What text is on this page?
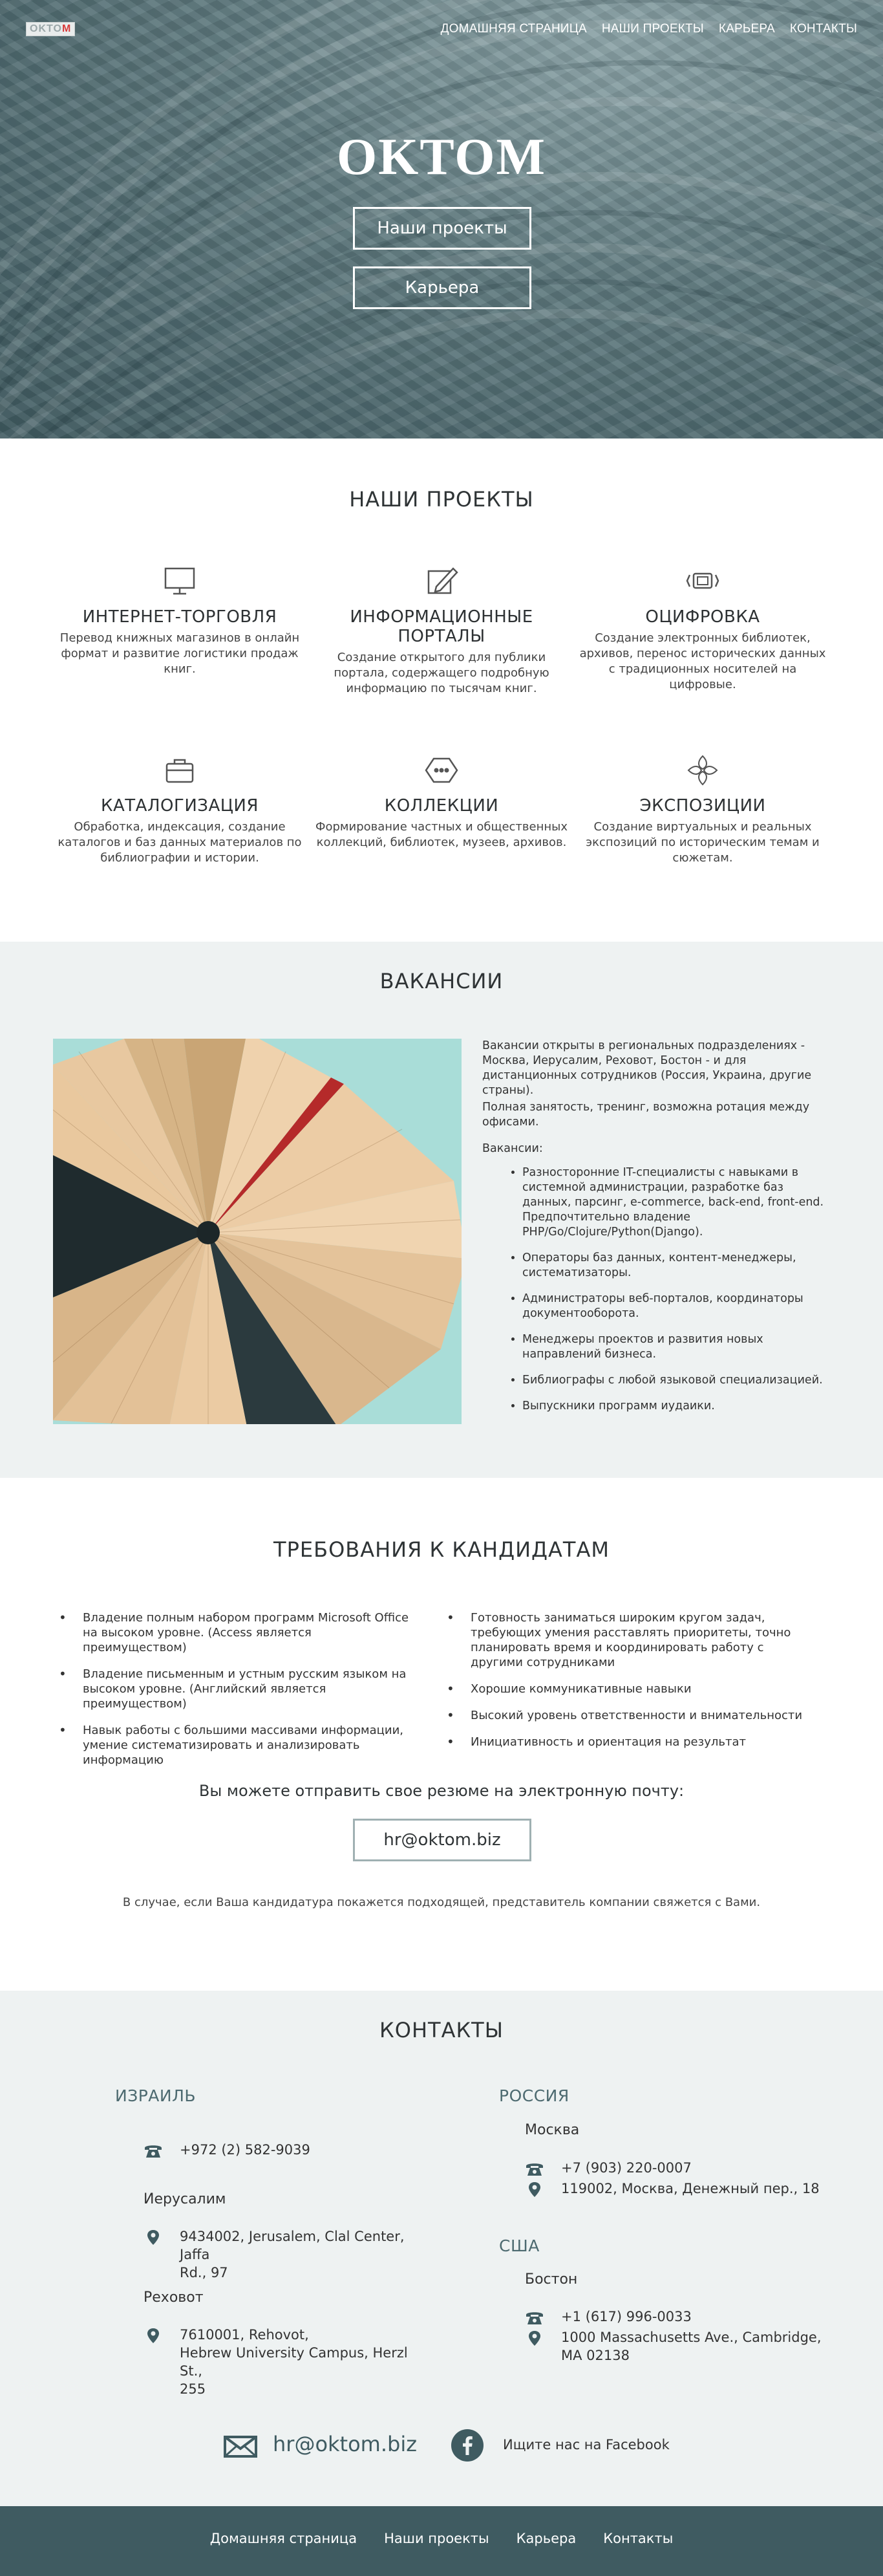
OKTOM	ДОМАШНЯЯ СТРАНИЦА НАШИ ПРОЕКТЫ КАРЬЕРА КОНТАКТЫ
OKTOM
Наши проекты
Карьера
НАШИ ПРОЕКТЫ
ИНТЕРНЕТ-ТОРГОВЛЯ

Перевод книжных магазинов в онлайн формат и развитие логистики продаж книг.

ИНФОРМАЦИОННЫЕ ПОРТАЛЫ

Создание открытого для публики портала, содержащего подробную информацию по тысячам книг.

ОЦИФРОВКА

Создание электронных библиотек, архивов, перенос исторических данных с традиционных носителей на цифровые.

КАТАЛОГИЗАЦИЯ

Обработка, индексация, создание каталогов и баз данных материалов по библиографии и истории.

КОЛЛЕКЦИИ

Формирование частных и общественных коллекций, библиотек, музеев, архивов.

ЭКСПОЗИЦИИ

Создание виртуальных и реальных экспозиций по историческим темам и сюжетам.

ВАКАНСИИ

Вакансии открыты в региональных подразделениях - Москва, Иерусалим, Реховот, Бостон - и для дистанционных сотрудников (Россия, Украина, другие страны).

Полная занятость, тренинг, возможна ротация между офисами.

Вакансии:

• Разносторонние IT-специалисты с навыками в системной администрации, разработке баз данных, парсинг, e-commerce, back-end, front-end. Предпочтительно владение PHP/Go/Clojure/Python(Django).
• Операторы баз данных, контент-менеджеры, систематизаторы.
• Администраторы веб-порталов, координаторы документооборота.
• Менеджеры проектов и развития новых направлений бизнеса.
• Библиографы с любой языковой специализацией.
• Выпускники программ иудаики.
ТРЕБОВАНИЯ К КАНДИДАТАМ
• Владение полным набором программ Microsoft Office на высоком уровне. (Access является преимуществом)
• Владение письменным и устным русским языком на высоком уровне. (Английский является преимуществом)
• Навык работы с большими массивами информации, умение систематизировать и анализировать информацию
• Готовность заниматься широким кругом задач, требующих умения расставлять приоритеты, точно планировать время и координировать работу с другими сотрудниками
• Хорошие коммуникативные навыки
• Высокий уровень ответственности и внимательности
• Инициативность и ориентация на результат
Вы можете отправить свое резюме на электронную почту:
hr@oktom.biz
В случае, если Ваша кандидатура покажется подходящей, представитель компании свяжется с Вами.
КОНТАКТЫ
ИЗРАИЛЬ
+972 (2) 582-9039
Иерусалим
9434002, Jerusalem, Clal Center, Jaffa
Rd., 97
Реховот
7610001, Rehovot,
Hebrew University Campus, Herzl St.,
255
РОССИЯ
Москва
+7 (903) 220-0007
119002, Москва, Денежный пер., 18
США
Бостон
+1 (617) 996-0033
1000 Massachusetts Ave., Cambridge,
MA 02138
hr@oktom.biz	Ищите нас на Facebook
Домашняя страница Наши проекты Карьера Контакты
